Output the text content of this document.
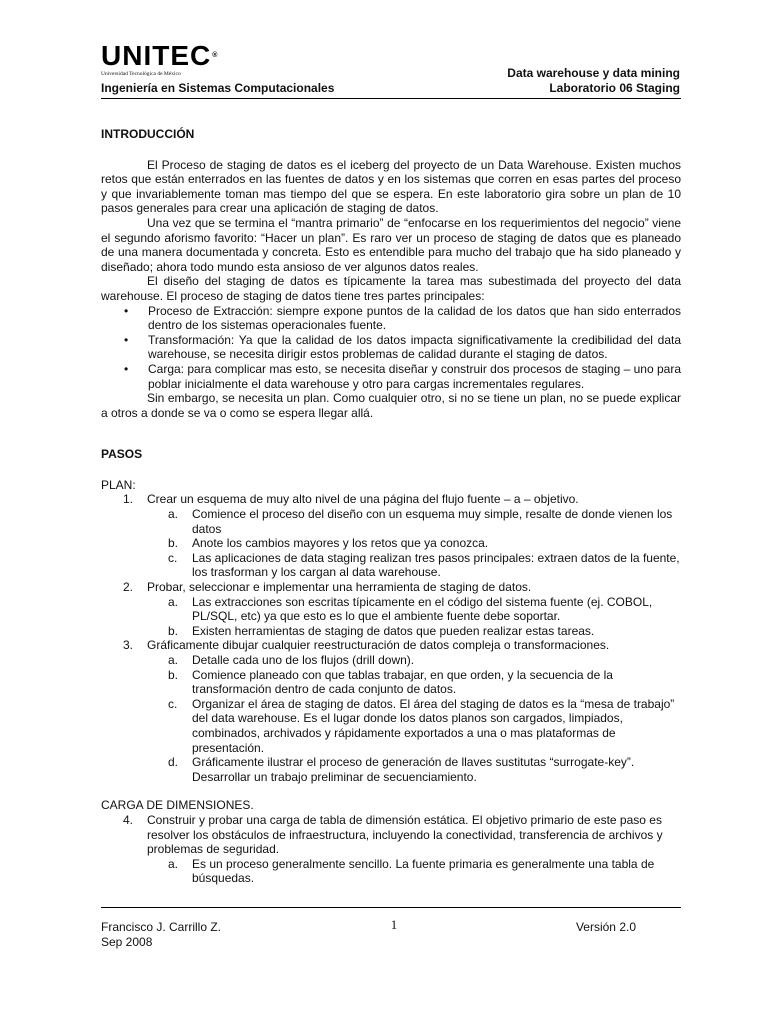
UNITEC®
Universidad Tecnológica de México
Ingeniería en Sistemas Computacionales
Data warehouse y data mining
Laboratorio 06 Staging
INTRODUCCIÓN

El Proceso de staging de datos es el iceberg del proyecto de un Data Warehouse. Existen muchos retos que están enterrados en las fuentes de datos y en los sistemas que corren en esas partes del proceso y que invariablemente toman mas tiempo del que se espera. En este laboratorio gira sobre un plan de 10 pasos generales para crear una aplicación de staging de datos.

Una vez que se termina el “mantra primario” de “enfocarse en los requerimientos del negocio” viene el segundo aforismo favorito: “Hacer un plan”. Es raro ver un proceso de staging de datos que es planeado de una manera documentada y concreta. Esto es entendible para mucho del trabajo que ha sido planeado y diseñado; ahora todo mundo esta ansioso de ver algunos datos reales.

El diseño del staging de datos es típicamente la tarea mas subestimada del proyecto del data warehouse. El proceso de staging de datos tiene tres partes principales:

• Proceso de Extracción: siempre expone puntos de la calidad de los datos que han sido enterrados dentro de los sistemas operacionales fuente.
• Transformación: Ya que la calidad de los datos impacta significativamente la credibilidad del data warehouse, se necesita dirigir estos problemas de calidad durante el staging de datos.
• Carga: para complicar mas esto, se necesita diseñar y construir dos procesos de staging – uno para poblar inicialmente el data warehouse y otro para cargas incrementales regulares.

Sin embargo, se necesita un plan. Como cualquier otro, si no se tiene un plan, no se puede explicar a otros a donde se va o como se espera llegar allá.

PASOS

PLAN:

1. Crear un esquema de muy alto nivel de una página del flujo fuente – a – objetivo.
a. Comience el proceso del diseño con un esquema muy simple, resalte de donde vienen los datos
b. Anote los cambios mayores y los retos que ya conozca.
c. Las aplicaciones de data staging realizan tres pasos principales: extraen datos de la fuente, los trasforman y los cargan al data warehouse.
2. Probar, seleccionar e implementar una herramienta de staging de datos.
a. Las extracciones son escritas típicamente en el código del sistema fuente (ej. COBOL, PL/SQL, etc) ya que esto es lo que el ambiente fuente debe soportar.
b. Existen herramientas de staging de datos que pueden realizar estas tareas.
3. Gráficamente dibujar cualquier reestructuración de datos compleja o transformaciones.
a. Detalle cada uno de los flujos (drill down).
b. Comience planeado con que tablas trabajar, en que orden, y la secuencia de la transformación dentro de cada conjunto de datos.
c. Organizar el área de staging de datos. El área del staging de datos es la “mesa de trabajo” del data warehouse. Es el lugar donde los datos planos son cargados, limpiados, combinados, archivados y rápidamente exportados a una o mas plataformas de presentación.
d. Gráficamente ilustrar el proceso de generación de llaves sustitutas “surrogate-key”. Desarrollar un trabajo preliminar de secuenciamiento.

CARGA DE DIMENSIONES.

4. Construir y probar una carga de tabla de dimensión estática. El objetivo primario de este paso es resolver los obstáculos de infraestructura, incluyendo la conectividad, transferencia de archivos y problemas de seguridad.
a. Es un proceso generalmente sencillo. La fuente primaria es generalmente una tabla de búsquedas.
Francisco J. Carrillo Z.
Sep 2008
1	Versión 2.0
